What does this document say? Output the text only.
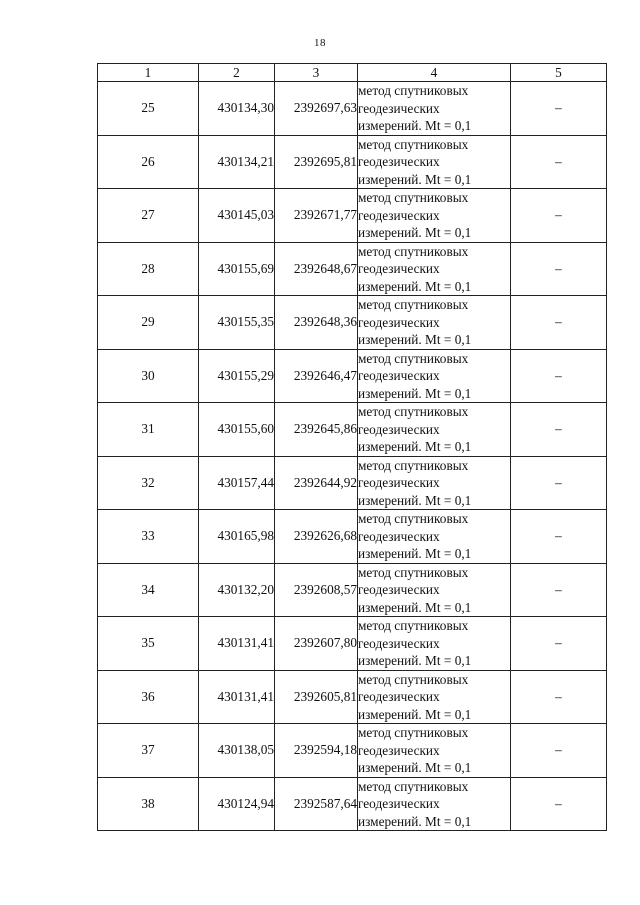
18
1	2	3	4	5
25	430134,30	2392697,63	метод спутниковых
геодезических
измерений. Mt = 0,1	–
26	430134,21	2392695,81	метод спутниковых
геодезических
измерений. Mt = 0,1	–
27	430145,03	2392671,77	метод спутниковых
геодезических
измерений. Mt = 0,1	–
28	430155,69	2392648,67	метод спутниковых
геодезических
измерений. Mt = 0,1	–
29	430155,35	2392648,36	метод спутниковых
геодезических
измерений. Mt = 0,1	–
30	430155,29	2392646,47	метод спутниковых
геодезических
измерений. Mt = 0,1	–
31	430155,60	2392645,86	метод спутниковых
геодезических
измерений. Mt = 0,1	–
32	430157,44	2392644,92	метод спутниковых
геодезических
измерений. Mt = 0,1	–
33	430165,98	2392626,68	метод спутниковых
геодезических
измерений. Mt = 0,1	–
34	430132,20	2392608,57	метод спутниковых
геодезических
измерений. Mt = 0,1	–
35	430131,41	2392607,80	метод спутниковых
геодезических
измерений. Mt = 0,1	–
36	430131,41	2392605,81	метод спутниковых
геодезических
измерений. Mt = 0,1	–
37	430138,05	2392594,18	метод спутниковых
геодезических
измерений. Mt = 0,1	–
38	430124,94	2392587,64	метод спутниковых
геодезических
измерений. Mt = 0,1	–
